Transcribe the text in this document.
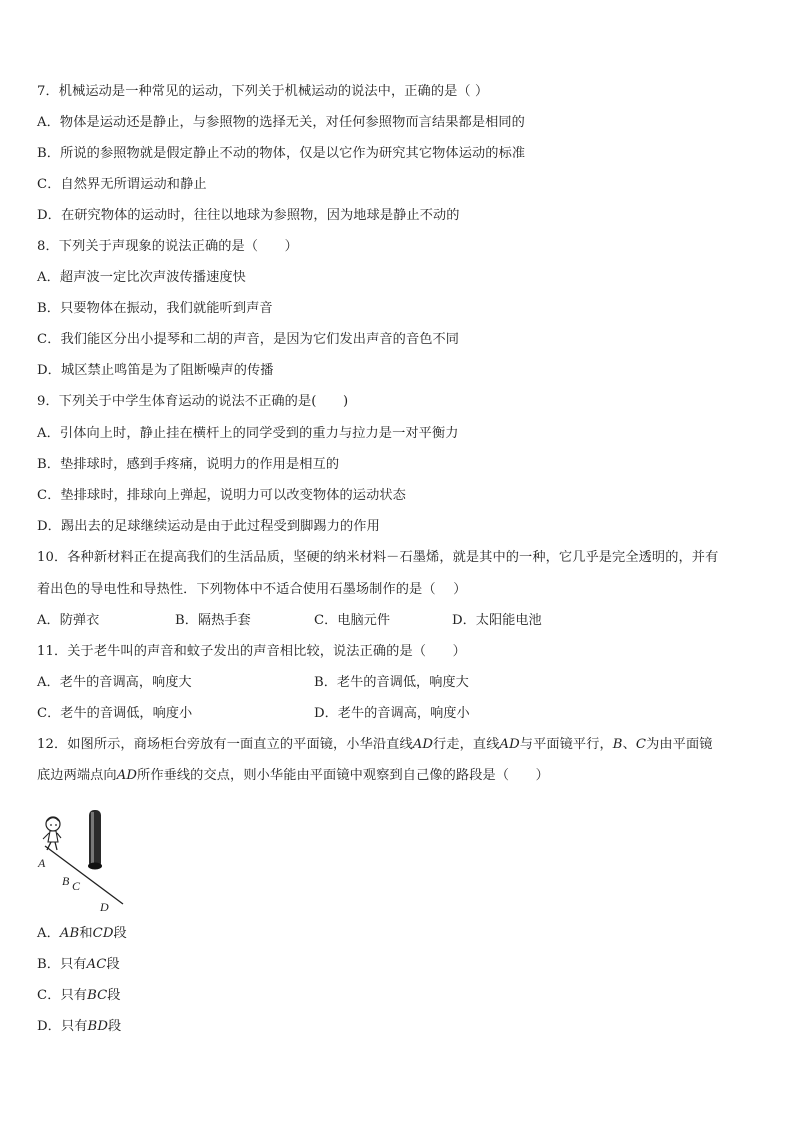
7．机械运动是一种常见的运动，下列关于机械运动的说法中，正确的是（ ）
A．物体是运动还是静止，与参照物的选择无关，对任何参照物而言结果都是相同的
B．所说的参照物就是假定静止不动的物体，仅是以它作为研究其它物体运动的标准
C．自然界无所谓运动和静止
D．在研究物体的运动时，往往以地球为参照物，因为地球是静止不动的
8．下列关于声现象的说法正确的是（　　）
A．超声波一定比次声波传播速度快
B．只要物体在振动，我们就能听到声音
C．我们能区分出小提琴和二胡的声音，是因为它们发出声音的音色不同
D．城区禁止鸣笛是为了阻断噪声的传播
9．下列关于中学生体育运动的说法不正确的是(　　)
A．引体向上时，静止挂在横杆上的同学受到的重力与拉力是一对平衡力
B．垫排球时，感到手疼痛，说明力的作用是相互的
C．垫排球时，排球向上弹起，说明力可以改变物体的运动状态
D．踢出去的足球继续运动是由于此过程受到脚踢力的作用
10．各种新材料正在提高我们的生活品质，坚硬的纳米材料－石墨烯，就是其中的一种，它几乎是完全透明的，并有
着出色的导电性和导热性．下列物体中不适合使用石墨场制作的是（　 ）
A．防弹衣	B．隔热手套	C．电脑元件	D．太阳能电池
11．关于老牛叫的声音和蚊子发出的声音相比较，说法正确的是（　　）
A．老牛的音调高，响度大	B．老牛的音调低，响度大
C．老牛的音调低，响度小	D．老牛的音调高，响度小
12．如图所示，商场柜台旁放有一面直立的平面镜，小华沿直线AD行走，直线AD与平面镜平行，B、C为由平面镜
底边两端点向AD所作垂线的交点，则小华能由平面镜中观察到自己像的路段是（　　）
A
B C
D
A．AB和CD段
B．只有AC段
C．只有BC段
D．只有BD段
